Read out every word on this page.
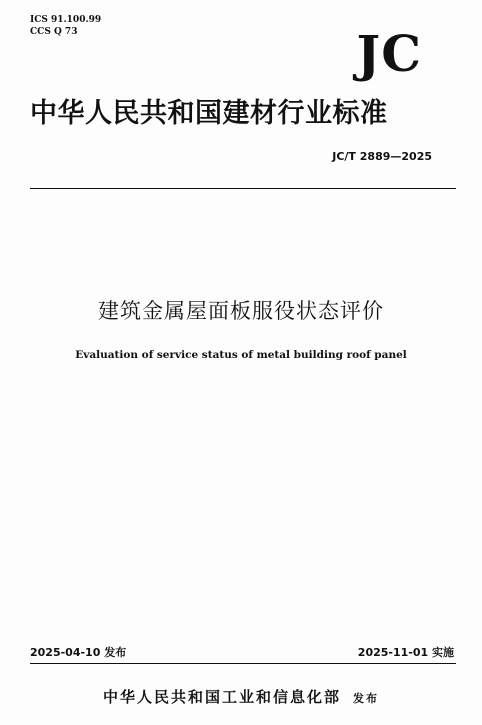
ICS 91.100.99
CCS Q 73	JC
中华人民共和国建材行业标准
JC/T 2889—2025
建筑金属屋面板服役状态评价
Evaluation of service status of metal building roof panel
2025-04-10 发布	2025-11-01 实施
中华人民共和国工业和信息化部 发布
